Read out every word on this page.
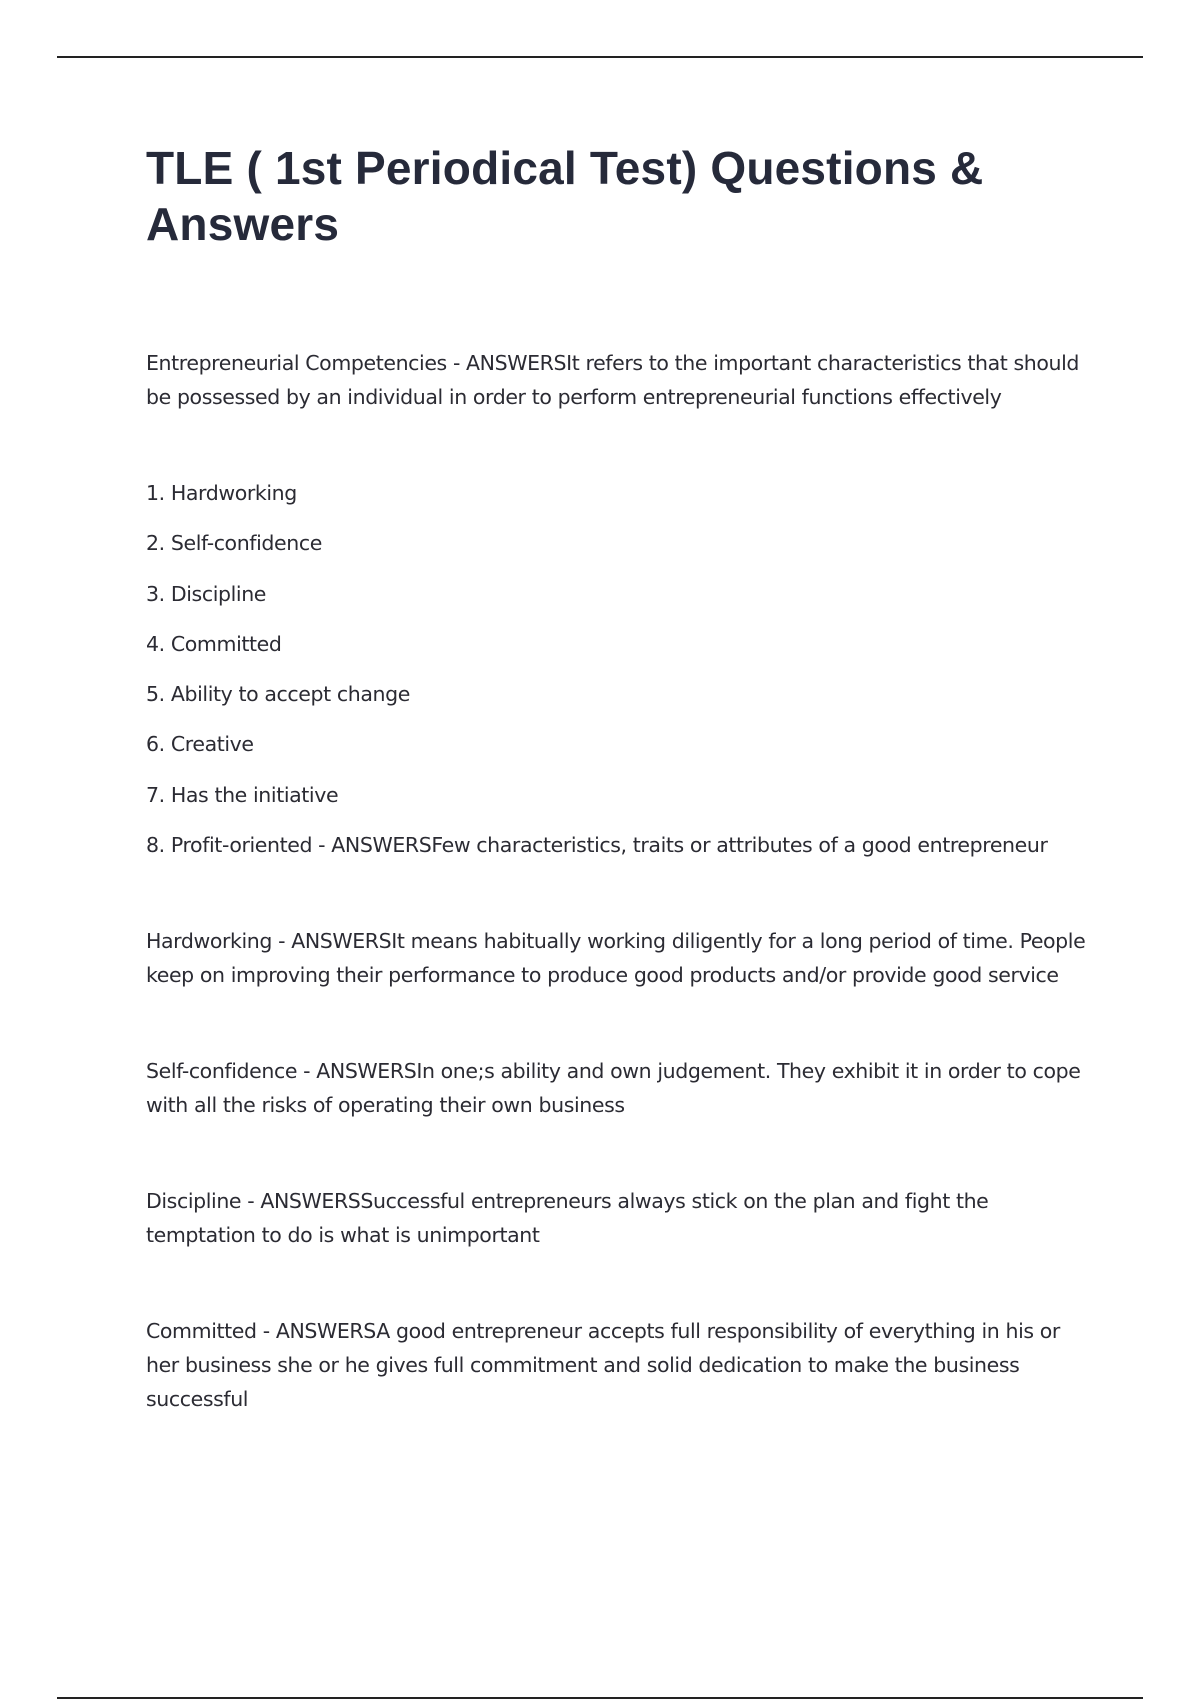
TLE ( 1st Periodical Test) Questions & Answers

Entrepreneurial Competencies - ANSWERSIt refers to the important characteristics that should be possessed by an individual in order to perform entrepreneurial functions effectively

1. Hardworking
2. Self-confidence
3. Discipline
4. Committed
5. Ability to accept change
6. Creative
7. Has the initiative
8. Profit-oriented - ANSWERSFew characteristics, traits or attributes of a good entrepreneur

Hardworking - ANSWERSIt means habitually working diligently for a long period of time. People keep on improving their performance to produce good products and/or provide good service

Self-confidence - ANSWERSIn one;s ability and own judgement. They exhibit it in order to cope with all the risks of operating their own business

Discipline - ANSWERSSuccessful entrepreneurs always stick on the plan and fight the temptation to do is what is unimportant

Committed - ANSWERSA good entrepreneur accepts full responsibility of everything in his or her business she or he gives full commitment and solid dedication to make the business successful
